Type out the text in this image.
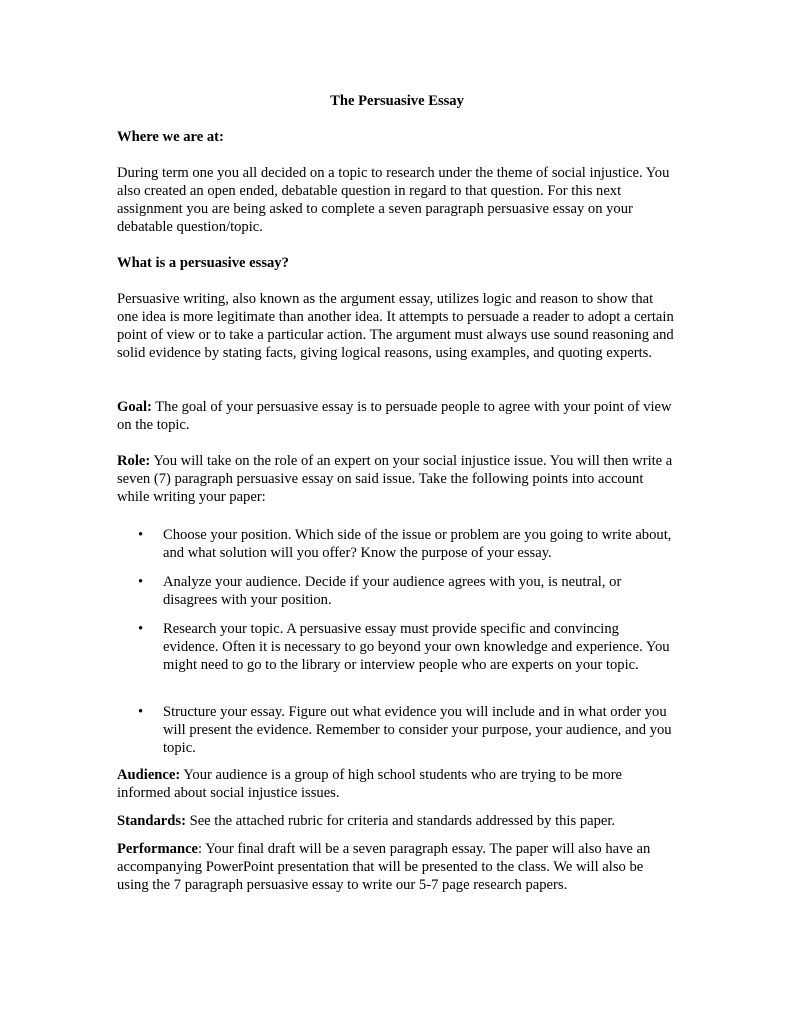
The Persuasive Essay

Where we are at:

During term one you all decided on a topic to research under the theme of social injustice. You also created an open ended, debatable question in regard to that question. For this next assignment you are being asked to complete a seven paragraph persuasive essay on your debatable question/topic.

What is a persuasive essay?

Persuasive writing, also known as the argument essay, utilizes logic and reason to show that one idea is more legitimate than another idea. It attempts to persuade a reader to adopt a certain point of view or to take a particular action. The argument must always use sound reasoning and solid evidence by stating facts, giving logical reasons, using examples, and quoting experts.

Goal: The goal of your persuasive essay is to persuade people to agree with your point of view on the topic.

Role: You will take on the role of an expert on your social injustice issue. You will then write a seven (7) paragraph persuasive essay on said issue. Take the following points into account while writing your paper:

• Choose your position. Which side of the issue or problem are you going to write about, and what solution will you offer? Know the purpose of your essay.
• Analyze your audience. Decide if your audience agrees with you, is neutral, or disagrees with your position.
• Research your topic. A persuasive essay must provide specific and convincing evidence. Often it is necessary to go beyond your own knowledge and experience. You might need to go to the library or interview people who are experts on your topic.
• Structure your essay. Figure out what evidence you will include and in what order you will present the evidence. Remember to consider your purpose, your audience, and you topic.

Audience: Your audience is a group of high school students who are trying to be more informed about social injustice issues.

Standards: See the attached rubric for criteria and standards addressed by this paper.

Performance: Your final draft will be a seven paragraph essay. The paper will also have an accompanying PowerPoint presentation that will be presented to the class. We will also be using the 7 paragraph persuasive essay to write our 5-7 page research papers.
